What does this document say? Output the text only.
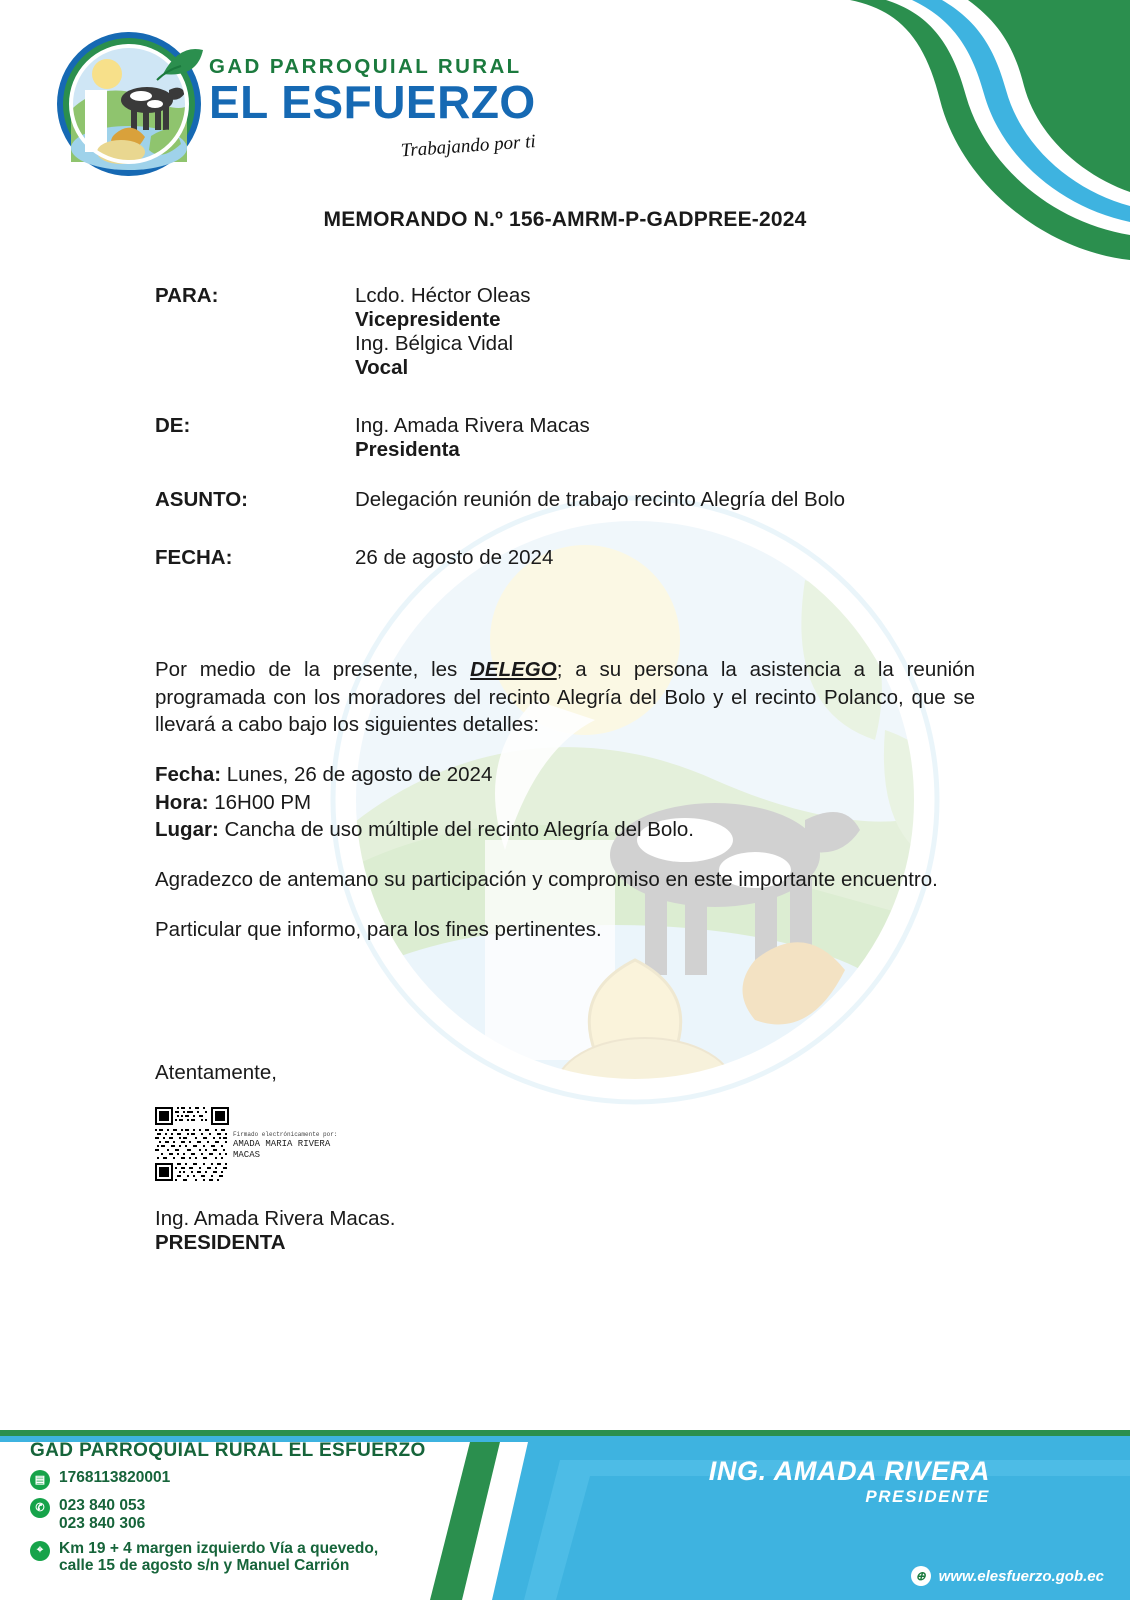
GAD PARROQUIAL RURAL
EL ESFUERZO
Trabajando por ti
MEMORANDO N.º 156-AMRM-P-GADPREE-2024
PARA:	Lcdo. Héctor Oleas
Vicepresidente
Ing. Bélgica Vidal
Vocal
DE:	Ing. Amada Rivera Macas
Presidenta
ASUNTO:	Delegación reunión de trabajo recinto Alegría del Bolo
FECHA:	26 de agosto de 2024
Por medio de la presente, les DELEGO; a su persona la asistencia a la reunión programada con los moradores del recinto Alegría del Bolo y el recinto Polanco, que se llevará a cabo bajo los siguientes detalles:
Fecha: Lunes, 26 de agosto de 2024
Hora: 16H00 PM
Lugar: Cancha de uso múltiple del recinto Alegría del Bolo.
Agradezco de antemano su participación y compromiso en este importante encuentro.
Particular que informo, para los fines pertinentes.
Atentamente,
Firmado electrónicamente por:
AMADA MARIA RIVERA
MACAS
Ing. Amada Rivera Macas.
PRESIDENTA
GAD PARROQUIAL RURAL EL ESFUERZO
▤ 1768113820001
✆ 023 840 053
023 840 306
⌖	Km 19 + 4 margen izquierdo Vía a quevedo,
calle 15 de agosto s/n y Manuel Carrión
ING. AMADA RIVERA
PRESIDENTE
⊕ www.elesfuerzo.gob.ec
